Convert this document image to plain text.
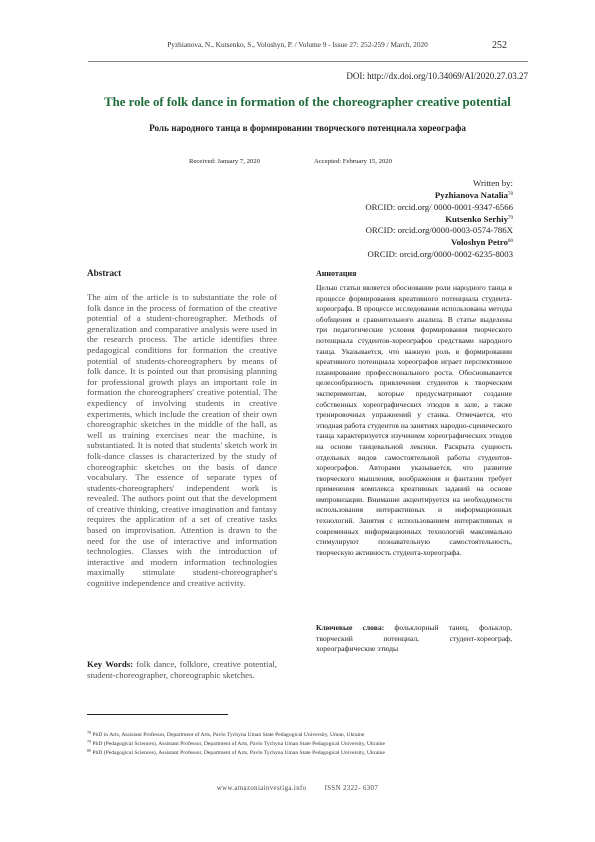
Pyzhianova, N., Kutsenko, S., Voloshyn, P. / Volume 9 - Issue 27: 252-259 / March, 2020	252
DOI: http://dx.doi.org/10.34069/AI/2020.27.03.27
The role of folk dance in formation of the choreographer creative potential
Роль народного танца в формировании творческого потенциала хореографа
Received: January 7, 2020	Accepted: February 15, 2020
Written by:
Pyzhianova Natalia$^{78}$
ORCID: orcid.org/ 0000-0001-9347-6566
Kutsenko Serhiy$^{79}$
ORCID: orcid.org/0000-0003-0574-786X
Voloshyn Petro$^{80}$
ORCID: orcid.org/0000-0002-6235-8003
Abstract	Аннотация
The aim of the article is to substantiate the role of folk dance in the process of formation of the creative potential of a student-choreographer. Methods of generalization and comparative analysis were used in the research process. The article identifies three pedagogical conditions for formation the creative potential of students-choreographers by means of folk dance. It is pointed out that promising planning for professional growth plays an important role in formation the choreographers' creative potential. The expediency of involving students in creative experiments, which include the creation of their own choreographic sketches in the middle of the hall, as well as training exercises near the machine, is substantiated. It is noted that students' sketch work in folk-dance classes is characterized by the study of choreographic sketches on the basis of dance vocabulary. The essence of separate types of students-choreographers' independent work is revealed. The authors point out that the development of creative thinking, creative imagination and fantasy requires the application of a set of creative tasks based on improvisation. Attention is drawn to the need for the use of interactive and information technologies. Classes with the introduction of interactive and modern information technologies maximally stimulate student-choreographer's cognitive independence and creative activity.
Key Words: folk dance, folklore, creative potential, student-choreographer, choreographic sketches.
Целью статьи является обоснование роли народного танца в процессе формирования креативного потенциала студента-хореографа. В процессе исследования использованы методы обобщения и сравнительного анализа. В статье выделены три педагогические условия формирования творческого потенциала студентов-хореографов средствами народного танца. Указывается, что важную роль в формировании креативного потенциала хореографов играет перспективное планирование профессионального роста. Обосновывается целесообразность привлечения студентов к творческим экспериментам, которые предусматривают создание собственных хореографических этюдов в зале, а также тренировочных упражнений у станка. Отмечается, что этюдная работа студентов на занятиях народно-сценического танца характеризуется изучением хореографических этюдов на основе танцевальной лексики. Раскрыта сущность отдельных видов самостоятельной работы студентов-хореографов. Авторами указывается, что развитие творческого мышления, воображения и фантазии требует применения комплекса креативных заданий на основе импровизации. Внимание акцентируется на необходимости использования интерактивных и информационных технологий. Занятия с использованием интерактивных и современных информационных технологий максимально стимулируют познавательную самостоятельность, творческую активность студента-хореографа.
Ключевые слова: фольклорный танец, фольклор, творческий потенциал, студент-хореограф, хореографические этюды
$^{78}$ PhD in Arts, Assistant Professor, Department of Arts, Pavlo Tychyna Uman State Pedagogical University, Uman, Ukraine
$^{79}$ PhD (Pedagogical Sciences), Assistant Professor, Department of Arts, Pavlo Tychyna Uman State Pedagogical University, Ukraine
$^{80}$ PhD (Pedagogical Sciences), Assistant Professor, Department of Arts, Pavlo Tychyna Uman State Pedagogical University, Ukraine
www.amazoniainvestiga.info	ISSN 2322- 6307
